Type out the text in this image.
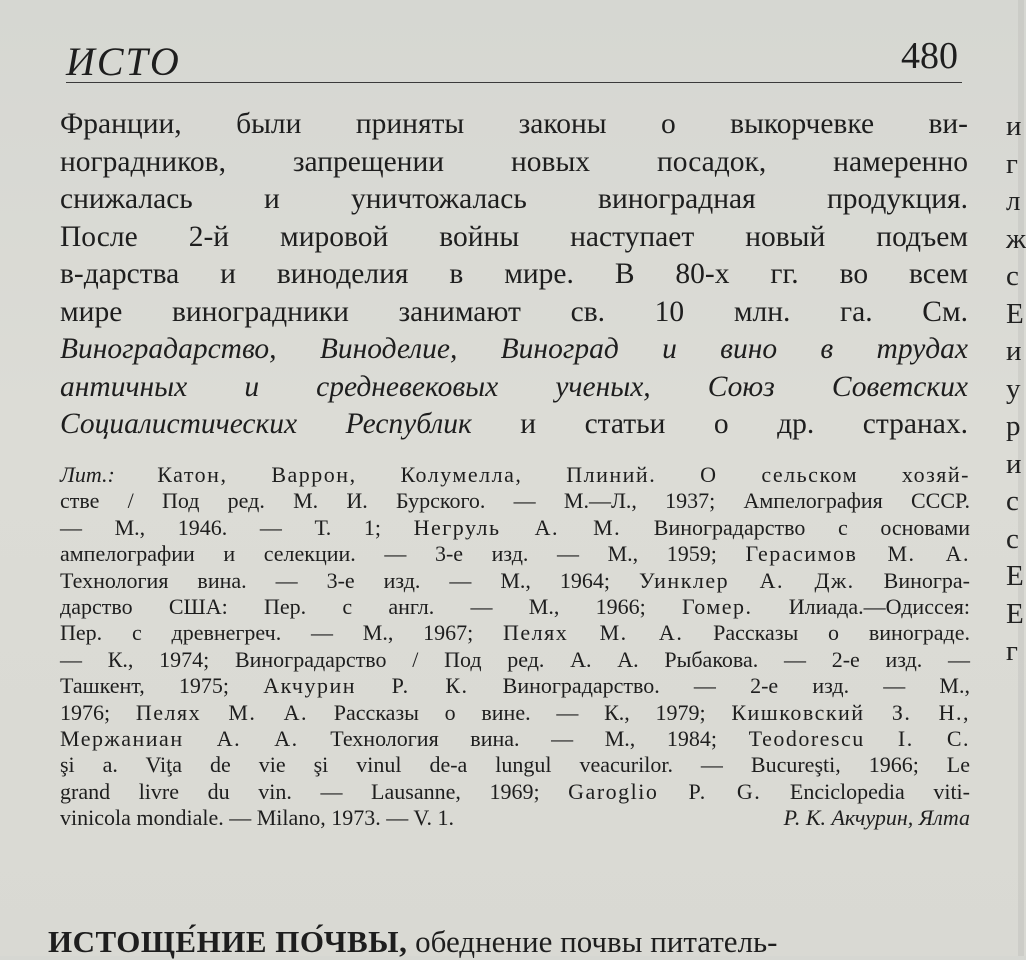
ИСТО	480
Франции, были приняты законы о выкорчевке ви-
ноградников, запрещении новых посадок, намеренно
снижалась и уничтожалась виноградная продукция.
После 2-й мировой войны наступает новый подъем
в-дарства и виноделия в мире. В 80-х гг. во всем
мире виноградники занимают св. 10 млн. га. См.
Виноградарство, Виноделие, Виноград и вино в трудах
античных и средневековых ученых, Союз Советских
Социалистических Республик и статьи о др. странах.
Лит.: Катон, Варрон, Колумелла, Плиний. О сельском хозяй-
стве / Под ред. М. И. Бурского. — М.—Л., 1937; Ампелография СССР.
— М., 1946. — Т. 1; Негруль А. М. Виноградарство с основами
ампелографии и селекции. — 3-е изд. — М., 1959; Герасимов М. А.
Технология вина. — 3-е изд. — М., 1964; Уинклер А. Дж. Виногра-
дарство США: Пер. с англ. — М., 1966; Гомер. Илиада.—Одиссея:
Пер. с древнегреч. — М., 1967; Пелях М. А. Рассказы о винограде.
— К., 1974; Виноградарство / Под ред. А. А. Рыбакова. — 2-е изд. —
Ташкент, 1975; Акчурин Р. К. Виноградарство. — 2-е изд. — М.,
1976; Пелях М. А. Рассказы о вине. — К., 1979; Кишковский З. Н.,
Мержаниан А. А. Технология вина. — М., 1984; Teodorescu I. C.
şi a. Viţa de vie şi vinul de-a lungul veacurilor. — Bucureşti, 1966; Le
grand livre du vin. — Lausanne, 1969; Garoglio P. G. Enciclopedia viti-
vinicola mondiale. — Milano, 1973. — V. 1.	Р. К. Акчурин, Ялта
ИСТОЩЕ́НИЕ ПО́ЧВЫ, обеднение почвы питатель-
и
г
л
ж
с
Е
и
у
р
и
с
с
Е
Е
г
